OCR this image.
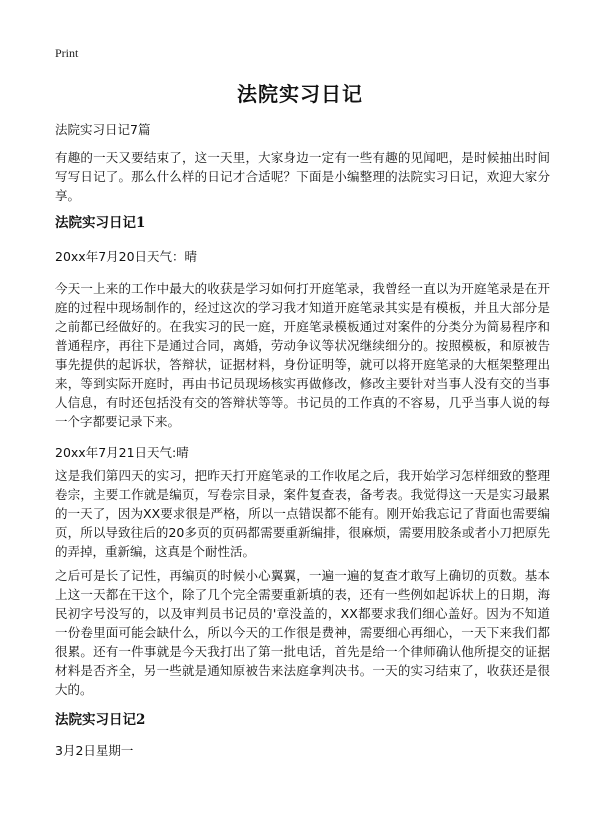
Print
法院实习日记
法院实习日记7篇
有趣的一天又要结束了，这一天里，大家身边一定有一些有趣的见闻吧，是时候抽出时间写写日记了。那么什么样的日记才合适呢？下面是小编整理的法院实习日记，欢迎大家分享。
法院实习日记1
20xx年7月20日天气：晴
今天一上来的工作中最大的收获是学习如何打开庭笔录，我曾经一直以为开庭笔录是在开庭的过程中现场制作的，经过这次的学习我才知道开庭笔录其实是有模板，并且大部分是之前都已经做好的。在我实习的民一庭，开庭笔录模板通过对案件的分类分为简易程序和普通程序，再往下是通过合同，离婚，劳动争议等状况继续细分的。按照模板，和原被告事先提供的起诉状，答辩状，证据材料，身份证明等，就可以将开庭笔录的大框架整理出来，等到实际开庭时，再由书记员现场核实再做修改，修改主要针对当事人没有交的当事人信息，有时还包括没有交的答辩状等等。书记员的工作真的不容易，几乎当事人说的每一个字都要记录下来。
20xx年7月21日天气:晴
这是我们第四天的实习，把昨天打开庭笔录的工作收尾之后，我开始学习怎样细致的整理卷宗，主要工作就是编页，写卷宗目录，案件复查表，备考表。我觉得这一天是实习最累的一天了，因为XX要求很是严格，所以一点错误都不能有。刚开始我忘记了背面也需要编页，所以导致往后的20多页的页码都需要重新编排，很麻烦，需要用胶条或者小刀把原先的弄掉，重新编，这真是个耐性活。
之后可是长了记性，再编页的时候小心翼翼，一遍一遍的复查才敢写上确切的页数。基本上这一天都在干这个，除了几个完全需要重新填的表，还有一些例如起诉状上的日期，海民初字号没写的，以及审判员书记员的'章没盖的，XX都要求我们细心盖好。因为不知道一份卷里面可能会缺什么，所以今天的工作很是费神，需要细心再细心，一天下来我们都很累。还有一件事就是今天我打出了第一批电话，首先是给一个律师确认他所提交的证据材料是否齐全，另一些就是通知原被告来法庭拿判决书。一天的实习结束了，收获还是很大的。
法院实习日记2
3月2日星期一
